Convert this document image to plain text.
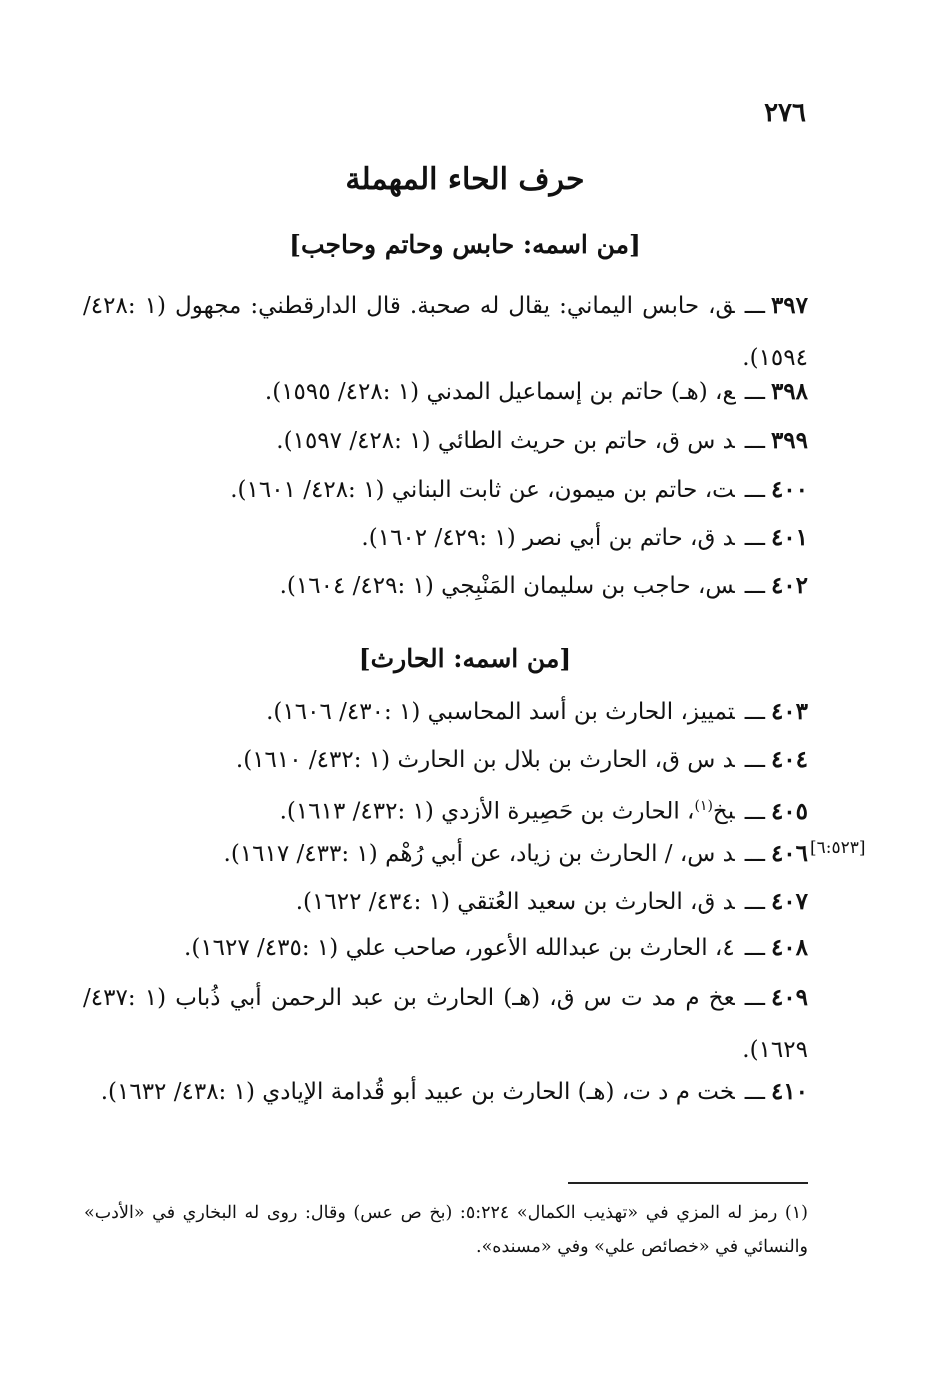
٢٧٦
حرف الحاء المهملة
[من اسمه: حابس وحاتم وحاجب]
٣٩٧ـــق، حابس اليماني: يقال له صحبة. قال الدارقطني: مجهول (١ :٤٢٨/ ١٥٩٤).
٣٩٨ـــع، (هـ) حاتم بن إسماعيل المدني (١ :٤٢٨/ ١٥٩٥).
٣٩٩ـــد س ق، حاتم بن حريث الطائي (١ :٤٢٨/ ١٥٩٧).
٤٠٠ـــت، حاتم بن ميمون، عن ثابت البناني (١ :٤٢٨/ ١٦٠١).
٤٠١ـــد ق، حاتم بن أبي نصر (١ :٤٢٩/ ١٦٠٢).
٤٠٢ـــس، حاجب بن سليمان المَنْبِجي (١ :٤٢٩/ ١٦٠٤).
[من اسمه: الحارث]
٤٠٣ـــتمييز، الحارث بن أسد المحاسبي (١ :٤٣٠/ ١٦٠٦).
٤٠٤ـــد س ق، الحارث بن بلال بن الحارث (١ :٤٣٢/ ١٦١٠).
٤٠٥ـــبخ$^{(١)}$، الحارث بن حَصِيرة الأزدي (١ :٤٣٢/ ١٦١٣).
٤٠٦ـــد س، / الحارث بن زياد، عن أبي رُهْم (١ :٤٣٣/ ١٦١٧).	[٦:٥٢٣]
٤٠٧ـــد ق، الحارث بن سعيد العُتقي (١ :٤٣٤/ ١٦٢٢).
٤٠٨ـــ٤، الحارث بن عبدالله الأعور، صاحب علي (١ :٤٣٥/ ١٦٢٧).
٤٠٩ـــعخ م مد ت س ق، (هـ) الحارث بن عبد الرحمن أبي ذُباب (١ :٤٣٧/ ١٦٢٩).
٤١٠ـــخت م د ت، (هـ) الحارث بن عبيد أبو قُدامة الإيادي (١ :٤٣٨/ ١٦٣٢).
(١) رمز له المزي في «تهذيب الكمال» ٥:٢٢٤: (بخ ص عس) وقال: روى له البخاري في «الأدب» والنسائي في «خصائص علي» وفي «مسنده».
